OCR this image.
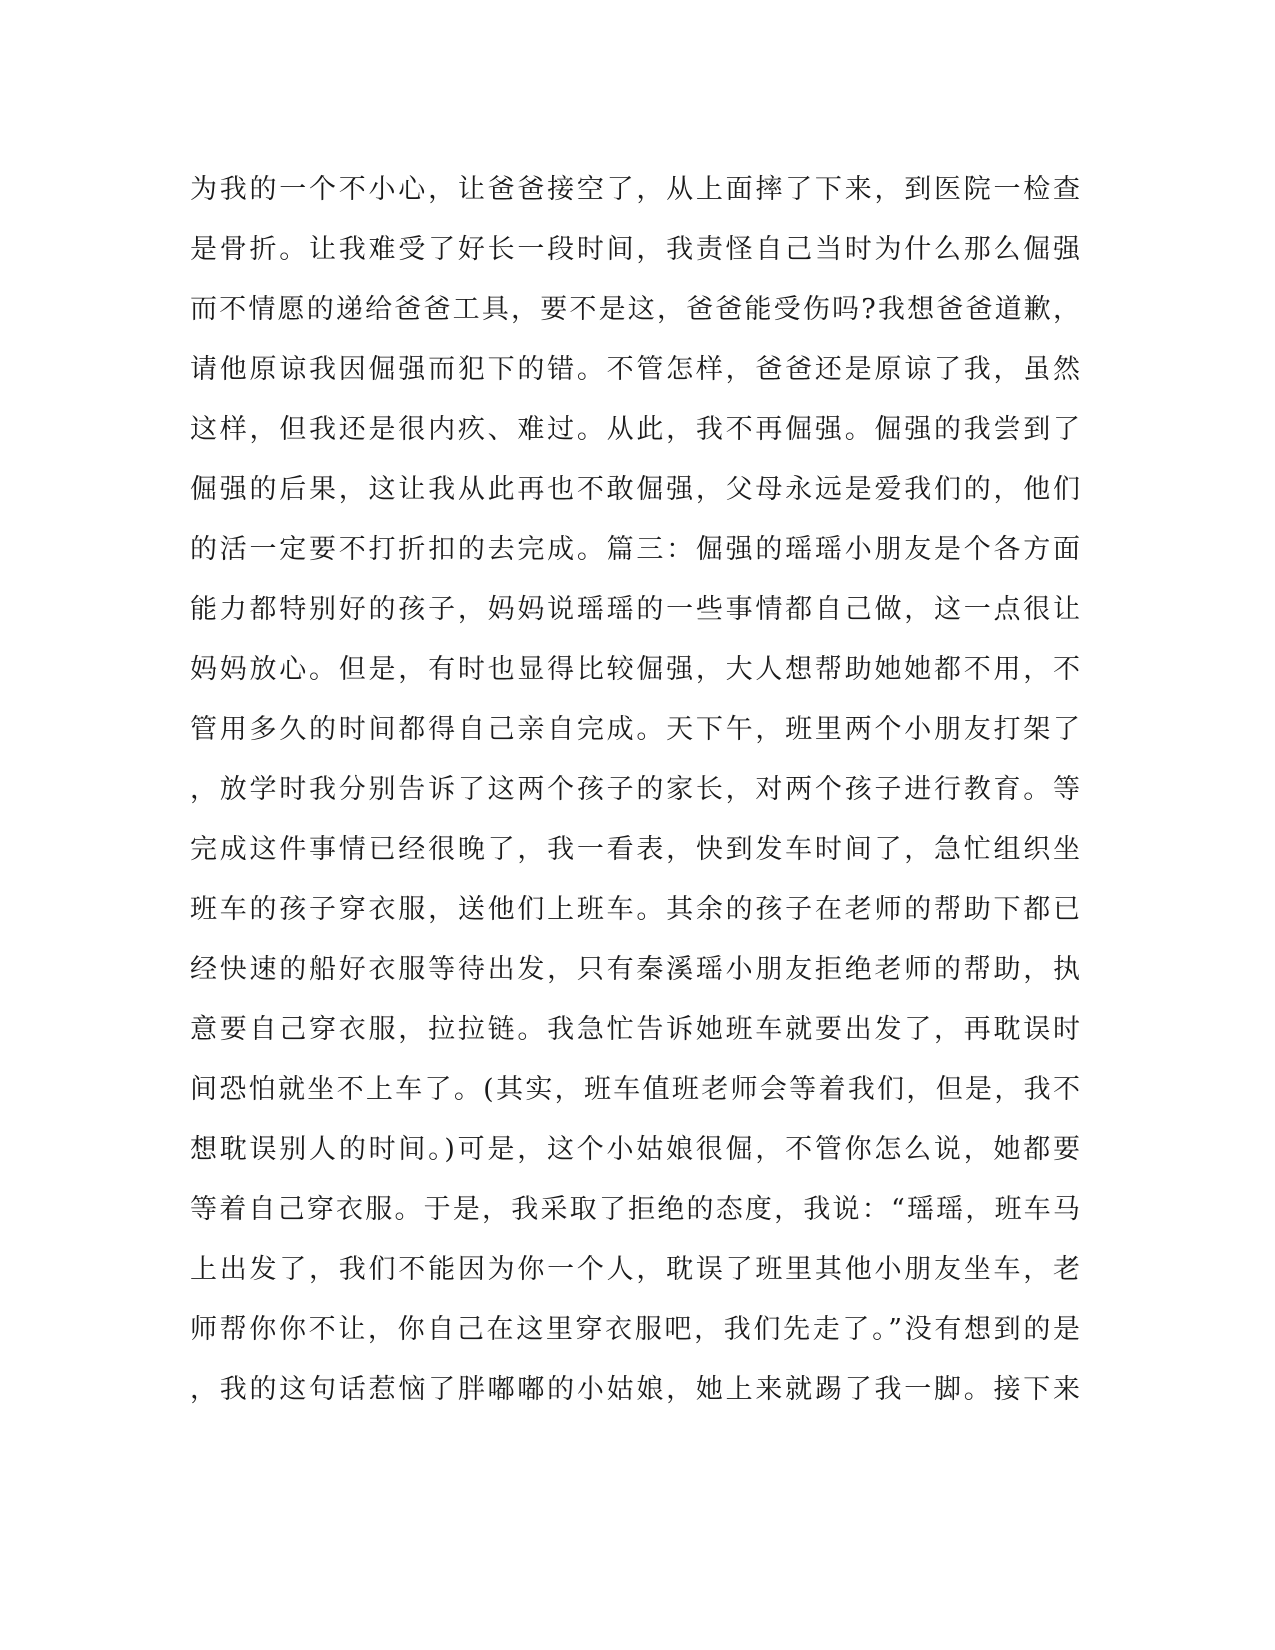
为我的一个不小心，让爸爸接空了，从上面摔了下来，到医院一检查
是骨折。让我难受了好长一段时间，我责怪自己当时为什么那么倔强
而不情愿的递给爸爸工具，要不是这，爸爸能受伤吗?我想爸爸道歉，
请他原谅我因倔强而犯下的错。不管怎样，爸爸还是原谅了我，虽然
这样，但我还是很内疚、难过。从此，我不再倔强。倔强的我尝到了
倔强的后果，这让我从此再也不敢倔强，父母永远是爱我们的，他们
的活一定要不打折扣的去完成。篇三：倔强的瑶瑶小朋友是个各方面
能力都特别好的孩子，妈妈说瑶瑶的一些事情都自己做，这一点很让
妈妈放心。但是，有时也显得比较倔强，大人想帮助她她都不用，不
管用多久的时间都得自己亲自完成。天下午，班里两个小朋友打架了
，放学时我分别告诉了这两个孩子的家长，对两个孩子进行教育。等
完成这件事情已经很晚了，我一看表，快到发车时间了，急忙组织坐
班车的孩子穿衣服，送他们上班车。其余的孩子在老师的帮助下都已
经快速的船好衣服等待出发，只有秦溪瑶小朋友拒绝老师的帮助，执
意要自己穿衣服，拉拉链。我急忙告诉她班车就要出发了，再耽误时
间恐怕就坐不上车了。(其实，班车值班老师会等着我们，但是，我不
想耽误别人的时间。)可是，这个小姑娘很倔，不管你怎么说，她都要
等着自己穿衣服。于是，我采取了拒绝的态度，我说：“瑶瑶，班车马
上出发了，我们不能因为你一个人，耽误了班里其他小朋友坐车，老
师帮你你不让，你自己在这里穿衣服吧，我们先走了。”没有想到的是
，我的这句话惹恼了胖嘟嘟的小姑娘，她上来就踢了我一脚。接下来
